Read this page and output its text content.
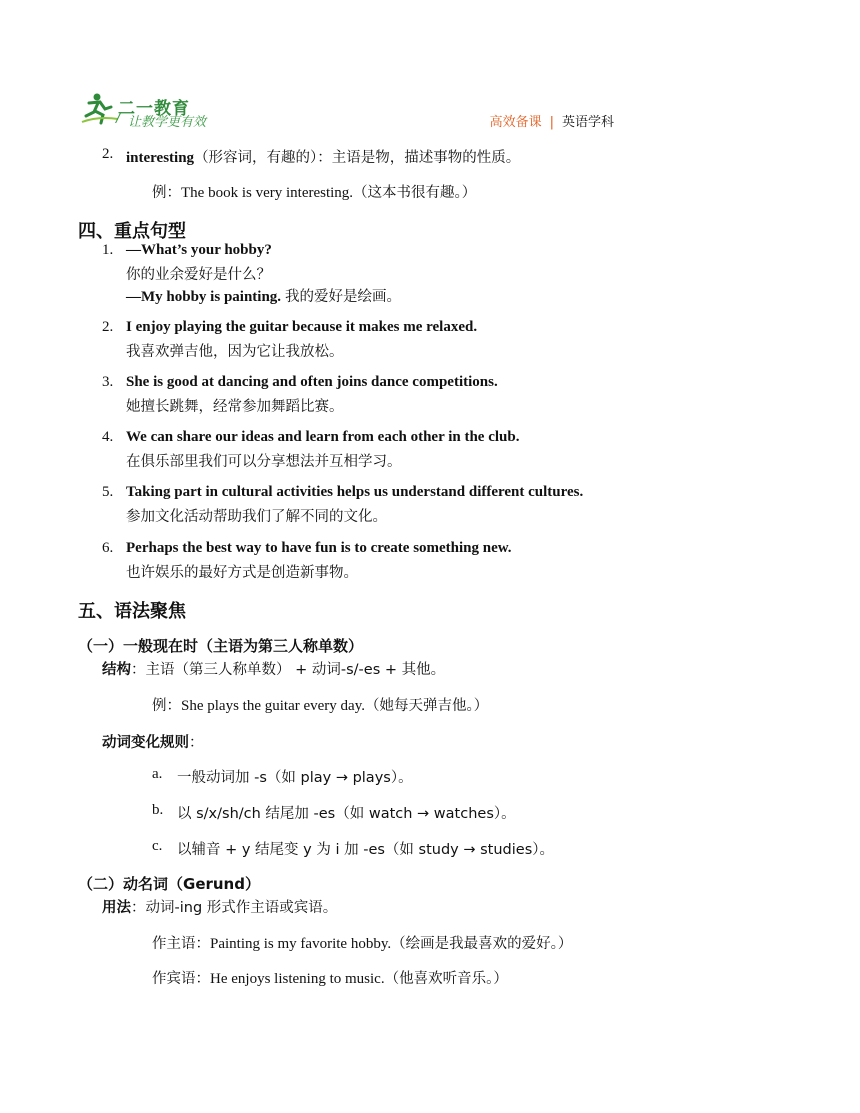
二一教育
/ 让教学更有效	高效备课 | 英语学科
2. interesting（形容词，有趣的）：主语是物，描述事物的性质。
例：The book is very interesting.（这本书很有趣。）
四、重点句型
1. —What’s your hobby?
你的业余爱好是什么？
—My hobby is painting. 我的爱好是绘画。
2. I enjoy playing the guitar because it makes me relaxed.
我喜欢弹吉他，因为它让我放松。
3. She is good at dancing and often joins dance competitions.
她擅长跳舞，经常参加舞蹈比赛。
4. We can share our ideas and learn from each other in the club.
在俱乐部里我们可以分享想法并互相学习。
5. Taking part in cultural activities helps us understand different cultures.
参加文化活动帮助我们了解不同的文化。
6. Perhaps the best way to have fun is to create something new.
也许娱乐的最好方式是创造新事物。
五、语法聚焦
（一）一般现在时（主语为第三人称单数）
结构：主语（第三人称单数） + 动词-s/-es + 其他。
例：She plays the guitar every day.（她每天弹吉他。）
动词变化规则：
a. 一般动词加 -s（如 play → plays）。
b. 以 s/x/sh/ch 结尾加 -es（如 watch → watches）。
c. 以辅音 + y 结尾变 y 为 i 加 -es（如 study → studies）。
（二）动名词（Gerund）
用法：动词-ing 形式作主语或宾语。
作主语：Painting is my favorite hobby.（绘画是我最喜欢的爱好。）
作宾语：He enjoys listening to music.（他喜欢听音乐。）
